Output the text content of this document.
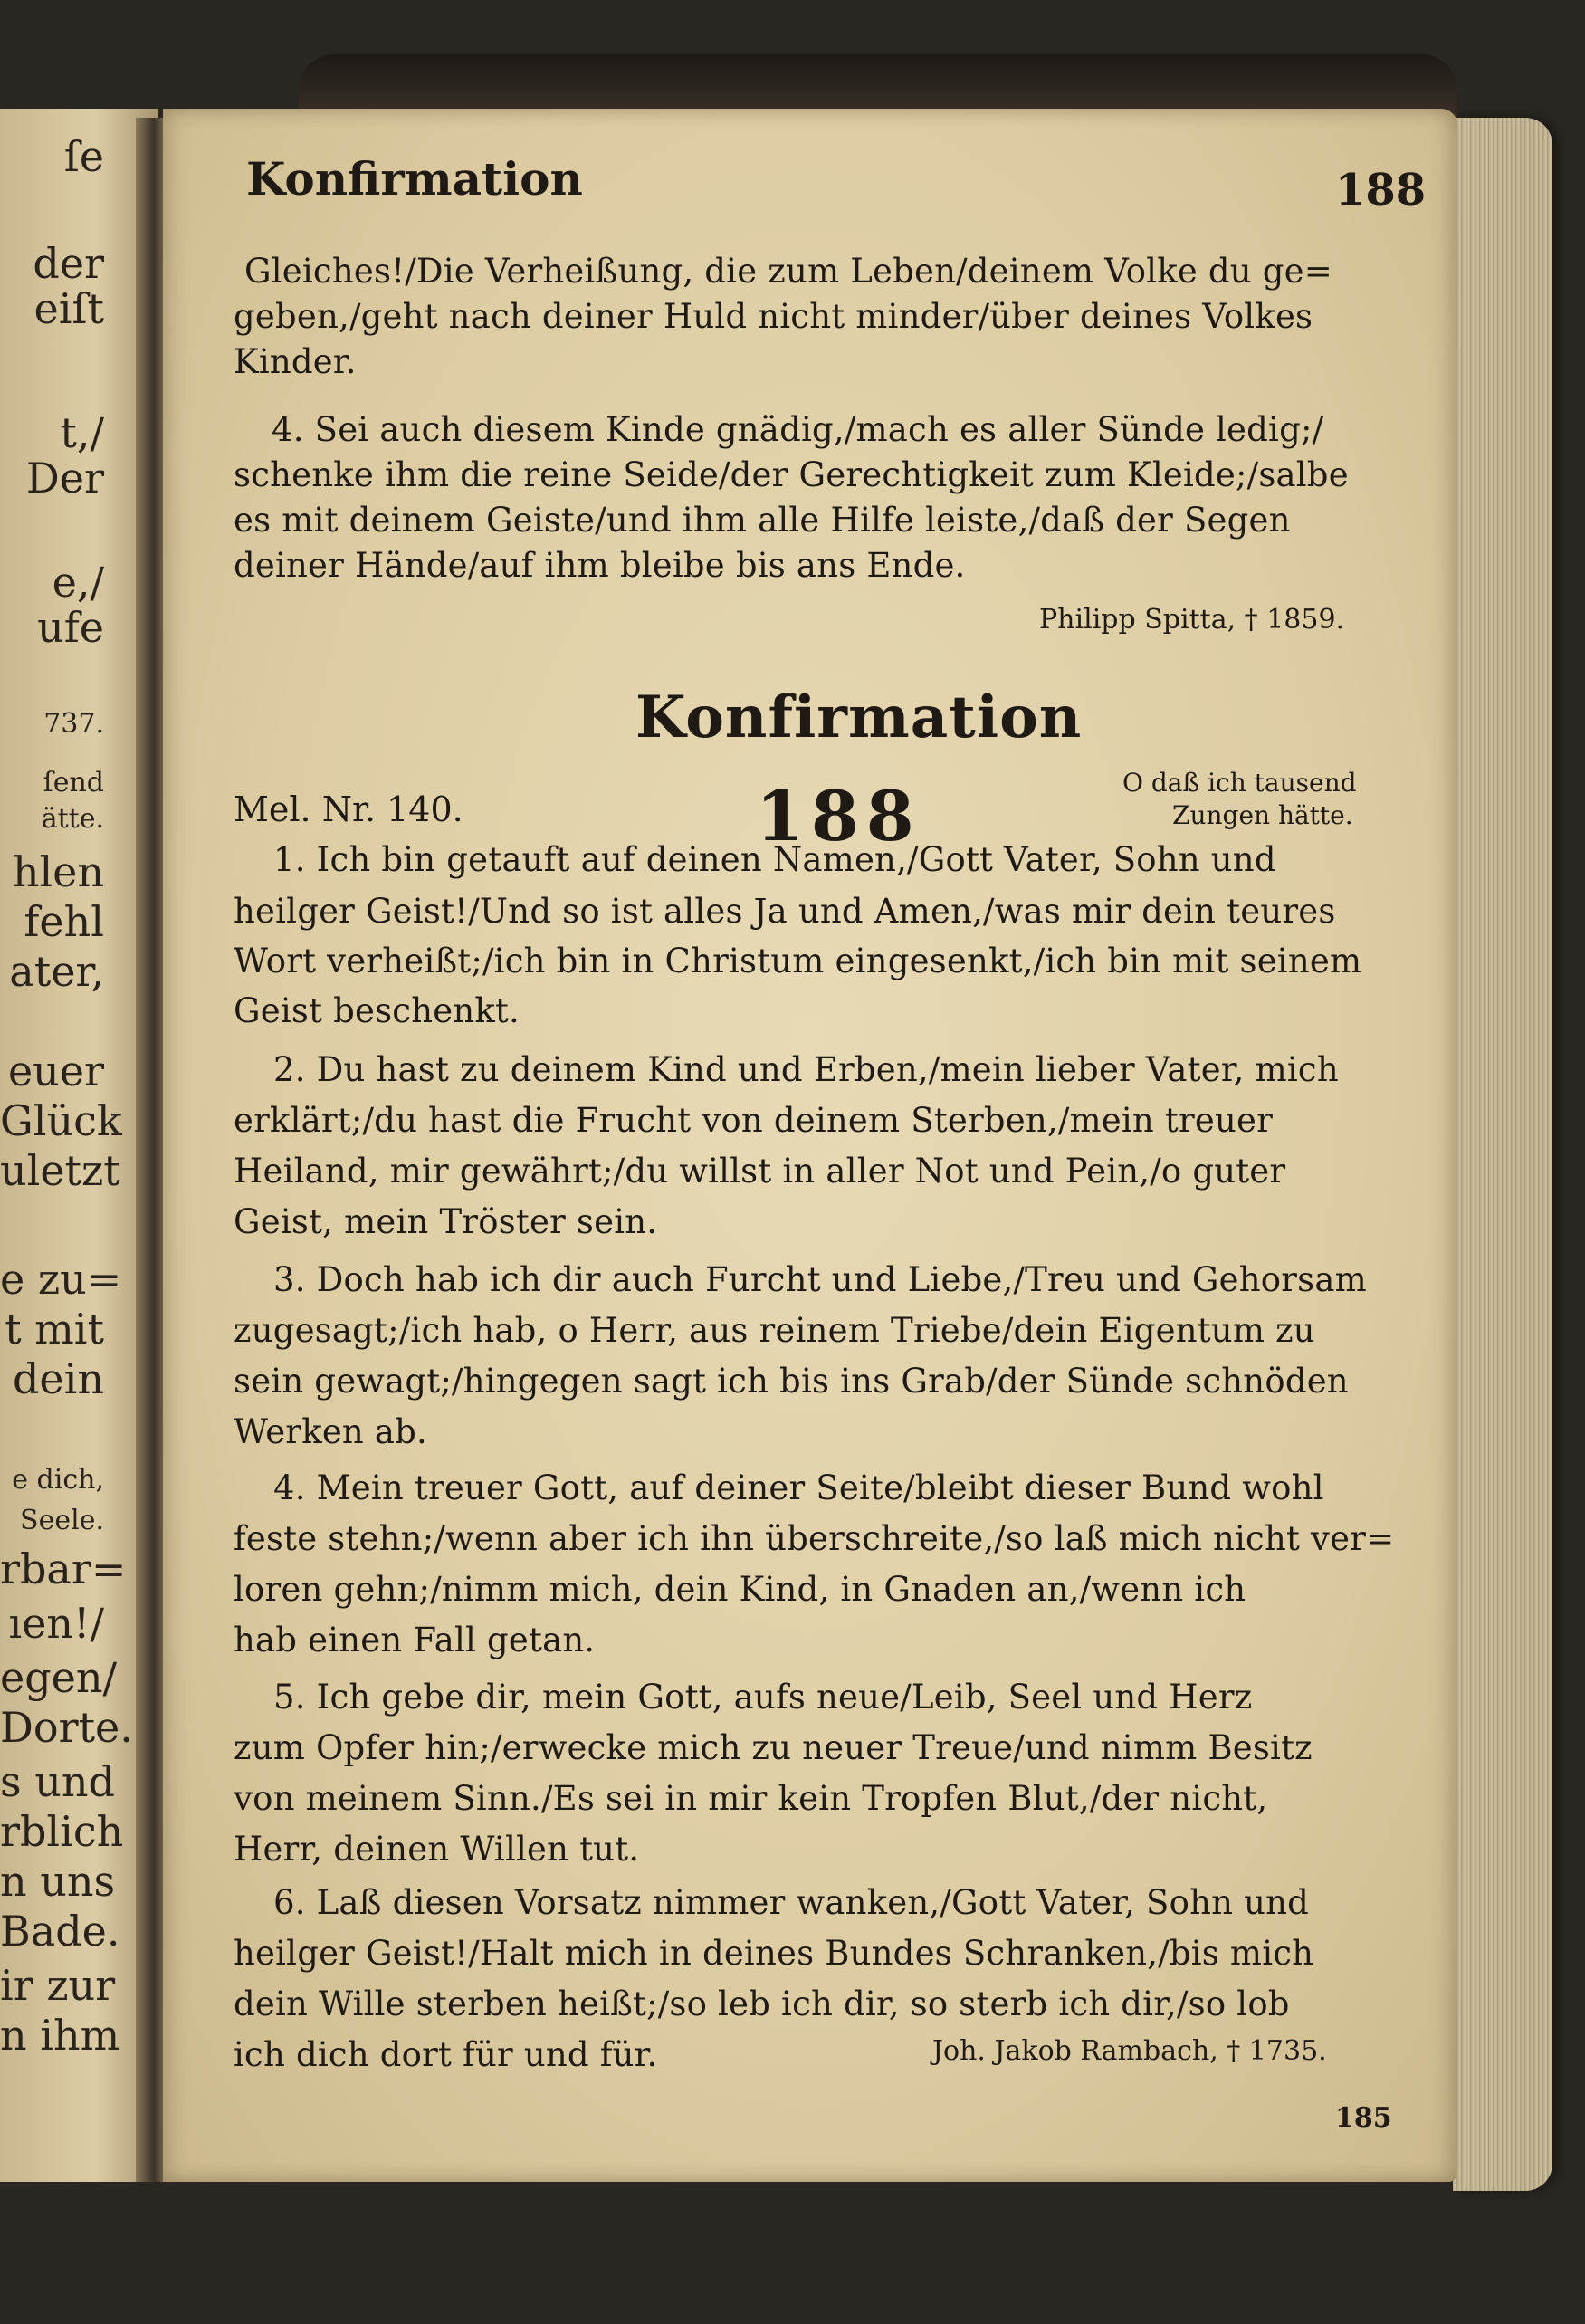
ſe
der
eiſt
t,/
Der
e,/
ufe
737.
ſend
ätte.
hlen
fehl
ater,
euer
Glück
uletzt
e zu=
t mit
dein
e dich,
Seele.
rbar=
ıen!/
egen/
Dorte.
s und
rblich
n uns
Bade.
ir zur
n ihm
Konfirmation	188
Gleiches!/Die Verheißung, die zum Leben/deinem Volke du ge=
geben,/geht nach deiner Huld nicht minder/über deines Volkes
Kinder.
4. Sei auch diesem Kinde gnädig,/mach es aller Sünde ledig;/
schenke ihm die reine Seide/der Gerechtigkeit zum Kleide;/salbe
es mit deinem Geiste/und ihm alle Hilfe leiste,/daß der Segen
deiner Hände/auf ihm bleibe bis ans Ende.
Philipp Spitta, † 1859.
Konfirmation
Mel. Nr. 140.	188	O daß ich tausend
Zungen hätte.
1. Ich bin getauft auf deinen Namen,/Gott Vater, Sohn und
heilger Geist!/Und so ist alles Ja und Amen,/was mir dein teures
Wort verheißt;/ich bin in Christum eingesenkt,/ich bin mit seinem
Geist beschenkt.
2. Du hast zu deinem Kind und Erben,/mein lieber Vater, mich
erklärt;/du hast die Frucht von deinem Sterben,/mein treuer
Heiland, mir gewährt;/du willst in aller Not und Pein,/o guter
Geist, mein Tröster sein.
3. Doch hab ich dir auch Furcht und Liebe,/Treu und Gehorsam
zugesagt;/ich hab, o Herr, aus reinem Triebe/dein Eigentum zu
sein gewagt;/hingegen sagt ich bis ins Grab/der Sünde schnöden
Werken ab.
4. Mein treuer Gott, auf deiner Seite/bleibt dieser Bund wohl
feste stehn;/wenn aber ich ihn überschreite,/so laß mich nicht ver=
loren gehn;/nimm mich, dein Kind, in Gnaden an,/wenn ich
hab einen Fall getan.
5. Ich gebe dir, mein Gott, aufs neue/Leib, Seel und Herz
zum Opfer hin;/erwecke mich zu neuer Treue/und nimm Besitz
von meinem Sinn./Es sei in mir kein Tropfen Blut,/der nicht,
Herr, deinen Willen tut.
6. Laß diesen Vorsatz nimmer wanken,/Gott Vater, Sohn und
heilger Geist!/Halt mich in deines Bundes Schranken,/bis mich
dein Wille sterben heißt;/so leb ich dir, so sterb ich dir,/so lob
ich dich dort für und für.	Joh. Jakob Rambach, † 1735.
185
